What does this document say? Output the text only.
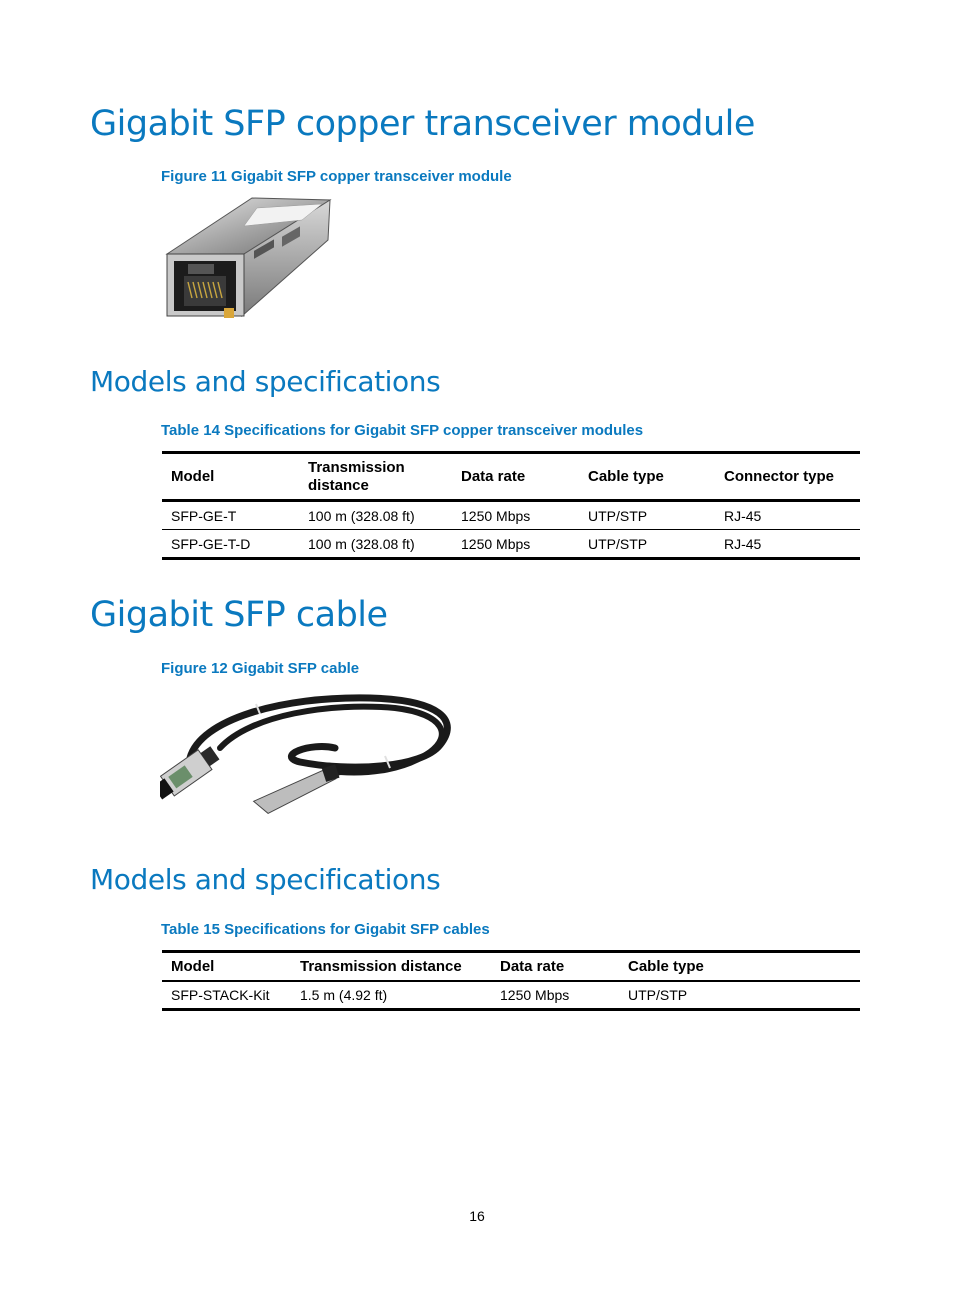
Gigabit SFP copper transceiver module
Figure 11 Gigabit SFP copper transceiver module
Models and specifications
Table 14 Specifications for Gigabit SFP copper transceiver modules
Model	Transmission distance	Data rate	Cable type	Connector type
SFP-GE-T	100 m (328.08 ft)	1250 Mbps	UTP/STP	RJ-45
SFP-GE-T-D	100 m (328.08 ft)	1250 Mbps	UTP/STP	RJ-45
Gigabit SFP cable
Figure 12 Gigabit SFP cable
Models and specifications
Table 15 Specifications for Gigabit SFP cables
Model	Transmission distance	Data rate	Cable type
SFP-STACK-Kit	1.5 m (4.92 ft)	1250 Mbps	UTP/STP
16
